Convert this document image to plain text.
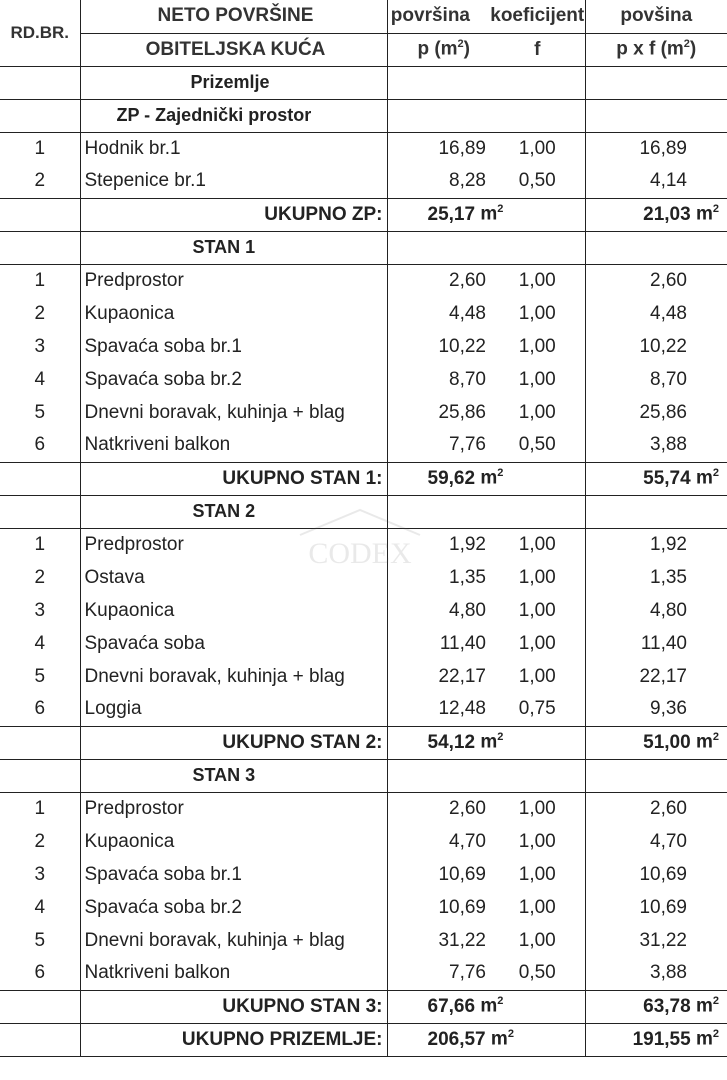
RD.BR.	NETO POVRŠINE	površina	koeficijent	povšina
	OBITELJSKA KUĆA	p $(m^2)$	f	p x f $(m^2)$
	Prizemlje			
	ZP - Zajednički prostor			
1	Hodnik br.1	16,89	1,00	16,89
2	Stepenice br.1	8,28	0,50	4,14
	UKUPNO ZP:	25,17 $m^2$		21,03 $m^2$
	STAN 1			
1	Predprostor	2,60	1,00	2,60
2	Kupaonica	4,48	1,00	4,48
3	Spavaća soba br.1	10,22	1,00	10,22
4	Spavaća soba br.2	8,70	1,00	8,70
5	Dnevni boravak, kuhinja + blag	25,86	1,00	25,86
6	Natkriveni balkon	7,76	0,50	3,88
	UKUPNO STAN 1:	59,62 $m^2$		55,74 $m^2$
	STAN 2			
1	Predprostor	1,92	1,00	1,92
2	Ostava	1,35	1,00	1,35
3	Kupaonica	4,80	1,00	4,80
4	Spavaća soba	11,40	1,00	11,40
5	Dnevni boravak, kuhinja + blag	22,17	1,00	22,17
6	Loggia	12,48	0,75	9,36
	UKUPNO STAN 2:	54,12 $m^2$		51,00 $m^2$
	STAN 3			
1	Predprostor	2,60	1,00	2,60
2	Kupaonica	4,70	1,00	4,70
3	Spavaća soba br.1	10,69	1,00	10,69
4	Spavaća soba br.2	10,69	1,00	10,69
5	Dnevni boravak, kuhinja + blag	31,22	1,00	31,22
6	Natkriveni balkon	7,76	0,50	3,88
	UKUPNO STAN 3:	67,66 $m^2$		63,78 $m^2$
	UKUPNO PRIZEMLJE:	206,57 $m^2$		191,55 $m^2$
CODEX
